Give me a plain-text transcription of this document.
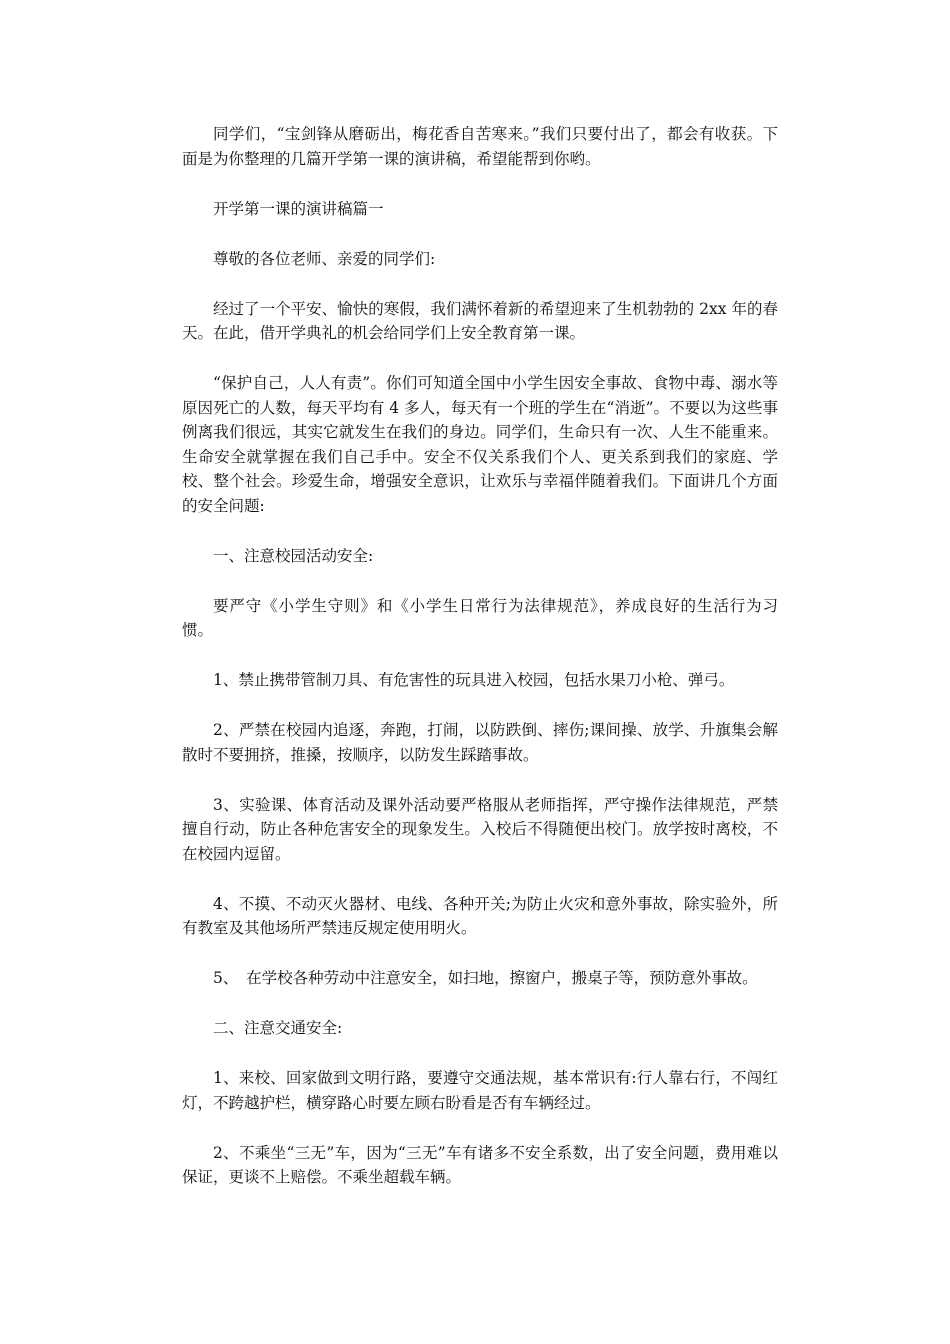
同学们，“宝剑锋从磨砺出，梅花香自苦寒来。”我们只要付出了，都会有收获。下面是为你整理的几篇开学第一课的演讲稿，希望能帮到你哟。

开学第一课的演讲稿篇一

尊敬的各位老师、亲爱的同学们:

经过了一个平安、愉快的寒假，我们满怀着新的希望迎来了生机勃勃的 2xx 年的春天。在此，借开学典礼的机会给同学们上安全教育第一课。

“保护自己，人人有责”。你们可知道全国中小学生因安全事故、食物中毒、溺水等原因死亡的人数，每天平均有 4 多人，每天有一个班的学生在“消逝”。不要以为这些事例离我们很远，其实它就发生在我们的身边。同学们，生命只有一次、人生不能重来。生命安全就掌握在我们自己手中。安全不仅关系我们个人、更关系到我们的家庭、学校、整个社会。珍爱生命，增强安全意识，让欢乐与幸福伴随着我们。下面讲几个方面的安全问题:

一、注意校园活动安全:

要严守《小学生守则》和《小学生日常行为法律规范》，养成良好的生活行为习惯。

1、禁止携带管制刀具、有危害性的玩具进入校园，包括水果刀小枪、弹弓。

2、严禁在校园内追逐，奔跑，打闹，以防跌倒、摔伤;课间操、放学、升旗集会解散时不要拥挤，推搡，按顺序，以防发生踩踏事故。

3、实验课、体育活动及课外活动要严格服从老师指挥，严守操作法律规范，严禁擅自行动，防止各种危害安全的现象发生。入校后不得随便出校门。放学按时离校，不在校园内逗留。

4、不摸、不动灭火器材、电线、各种开关;为防止火灾和意外事故，除实验外，所有教室及其他场所严禁违反规定使用明火。

5、　在学校各种劳动中注意安全，如扫地，擦窗户，搬桌子等，预防意外事故。

二、注意交通安全:

1、来校、回家做到文明行路，要遵守交通法规，基本常识有:行人靠右行，不闯红灯，不跨越护栏，横穿路心时要左顾右盼看是否有车辆经过。

2、不乘坐“三无”车，因为“三无”车有诸多不安全系数，出了安全问题，费用难以保证，更谈不上赔偿。不乘坐超载车辆。
